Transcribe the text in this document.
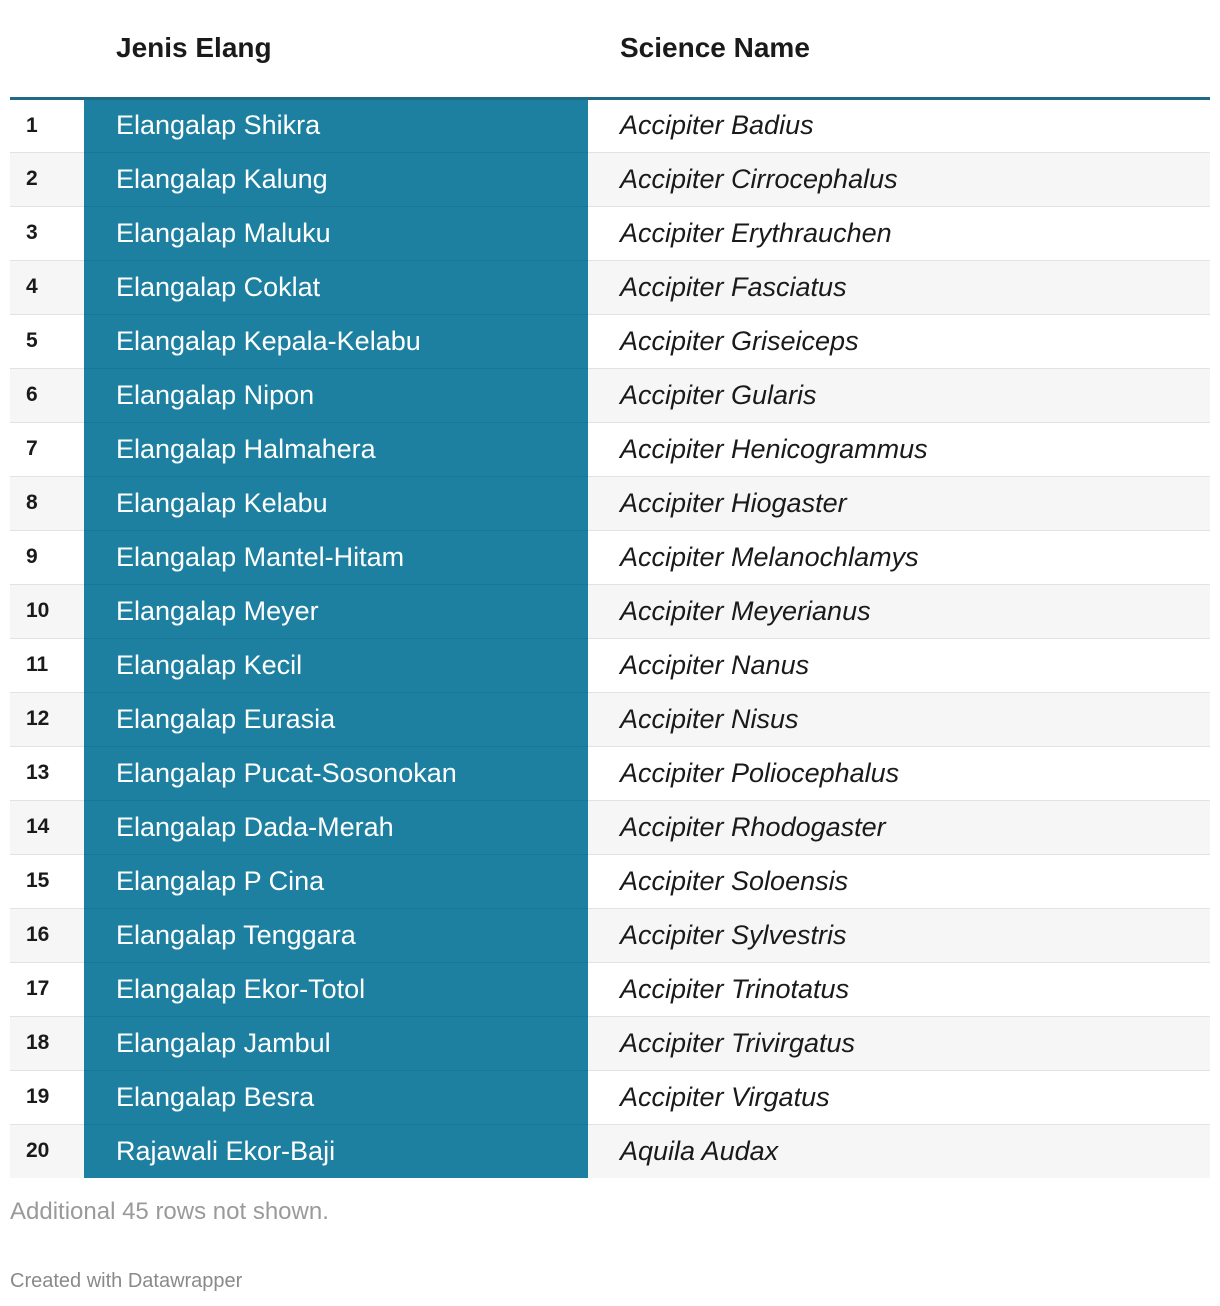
	Jenis Elang	Science Name
1	Elangalap Shikra	Accipiter Badius
2	Elangalap Kalung	Accipiter Cirrocephalus
3	Elangalap Maluku	Accipiter Erythrauchen
4	Elangalap Coklat	Accipiter Fasciatus
5	Elangalap Kepala-Kelabu	Accipiter Griseiceps
6	Elangalap Nipon	Accipiter Gularis
7	Elangalap Halmahera	Accipiter Henicogrammus
8	Elangalap Kelabu	Accipiter Hiogaster
9	Elangalap Mantel-Hitam	Accipiter Melanochlamys
10	Elangalap Meyer	Accipiter Meyerianus
11	Elangalap Kecil	Accipiter Nanus
12	Elangalap Eurasia	Accipiter Nisus
13	Elangalap Pucat-Sosonokan	Accipiter Poliocephalus
14	Elangalap Dada-Merah	Accipiter Rhodogaster
15	Elangalap P Cina	Accipiter Soloensis
16	Elangalap Tenggara	Accipiter Sylvestris
17	Elangalap Ekor-Totol	Accipiter Trinotatus
18	Elangalap Jambul	Accipiter Trivirgatus
19	Elangalap Besra	Accipiter Virgatus
20	Rajawali Ekor-Baji	Aquila Audax
Additional 45 rows not shown.
Created with Datawrapper
